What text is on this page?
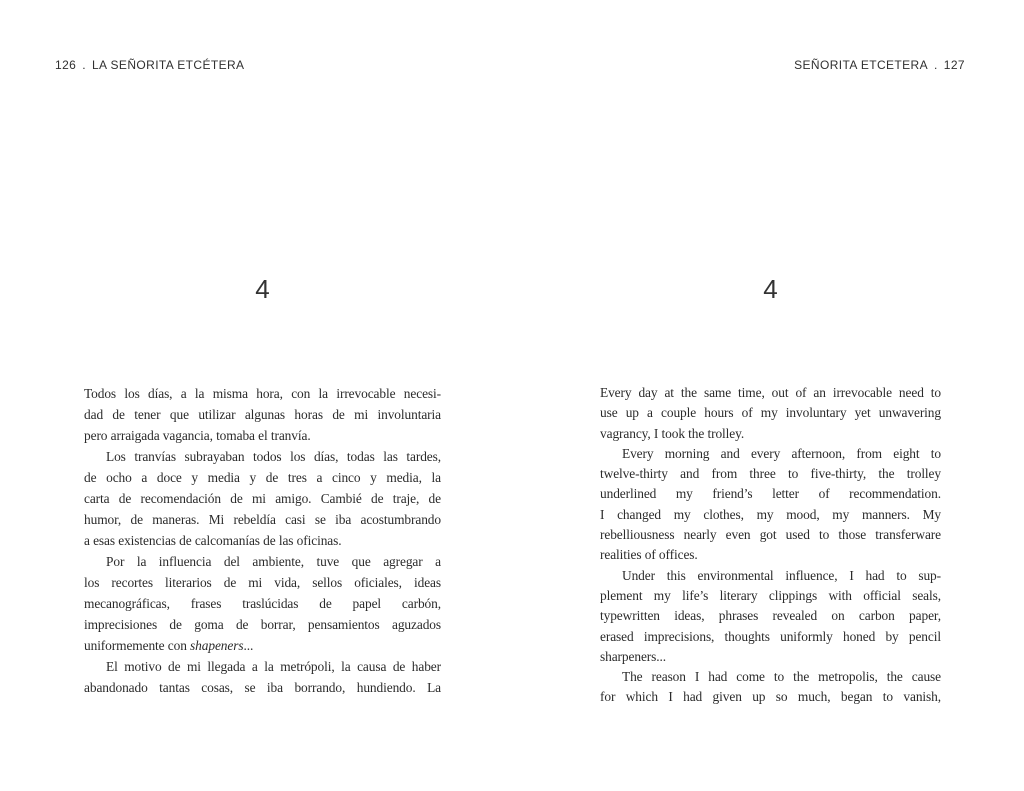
126 . LA SEÑORITA ETCÉTERA	SEÑORITA ETCETERA . 127
4	4
Todos los días, a la misma hora, con la irrevocable necesi-
dad de tener que utilizar algunas horas de mi involuntaria
pero arraigada vagancia, tomaba el tranvía.
Los tranvías subrayaban todos los días, todas las tardes,
de ocho a doce y media y de tres a cinco y media, la
carta de recomendación de mi amigo. Cambié de traje, de
humor, de maneras. Mi rebeldía casi se iba acostumbrando
a esas existencias de calcomanías de las oficinas.
Por la influencia del ambiente, tuve que agregar a
los recortes literarios de mi vida, sellos oficiales, ideas
mecanográficas, frases traslúcidas de papel carbón,
imprecisiones de goma de borrar, pensamientos aguzados
uniformemente con shapeners...
El motivo de mi llegada a la metrópoli, la causa de haber
abandonado tantas cosas, se iba borrando, hundiendo. La
Every day at the same time, out of an irrevocable need to
use up a couple hours of my involuntary yet unwavering
vagrancy, I took the trolley.
Every morning and every afternoon, from eight to
twelve-thirty and from three to five-thirty, the trolley
underlined my friend’s letter of recommendation.
I changed my clothes, my mood, my manners. My
rebelliousness nearly even got used to those transferware
realities of offices.
Under this environmental influence, I had to sup-
plement my life’s literary clippings with official seals,
typewritten ideas, phrases revealed on carbon paper,
erased imprecisions, thoughts uniformly honed by pencil
sharpeners...
The reason I had come to the metropolis, the cause
for which I had given up so much, began to vanish,
